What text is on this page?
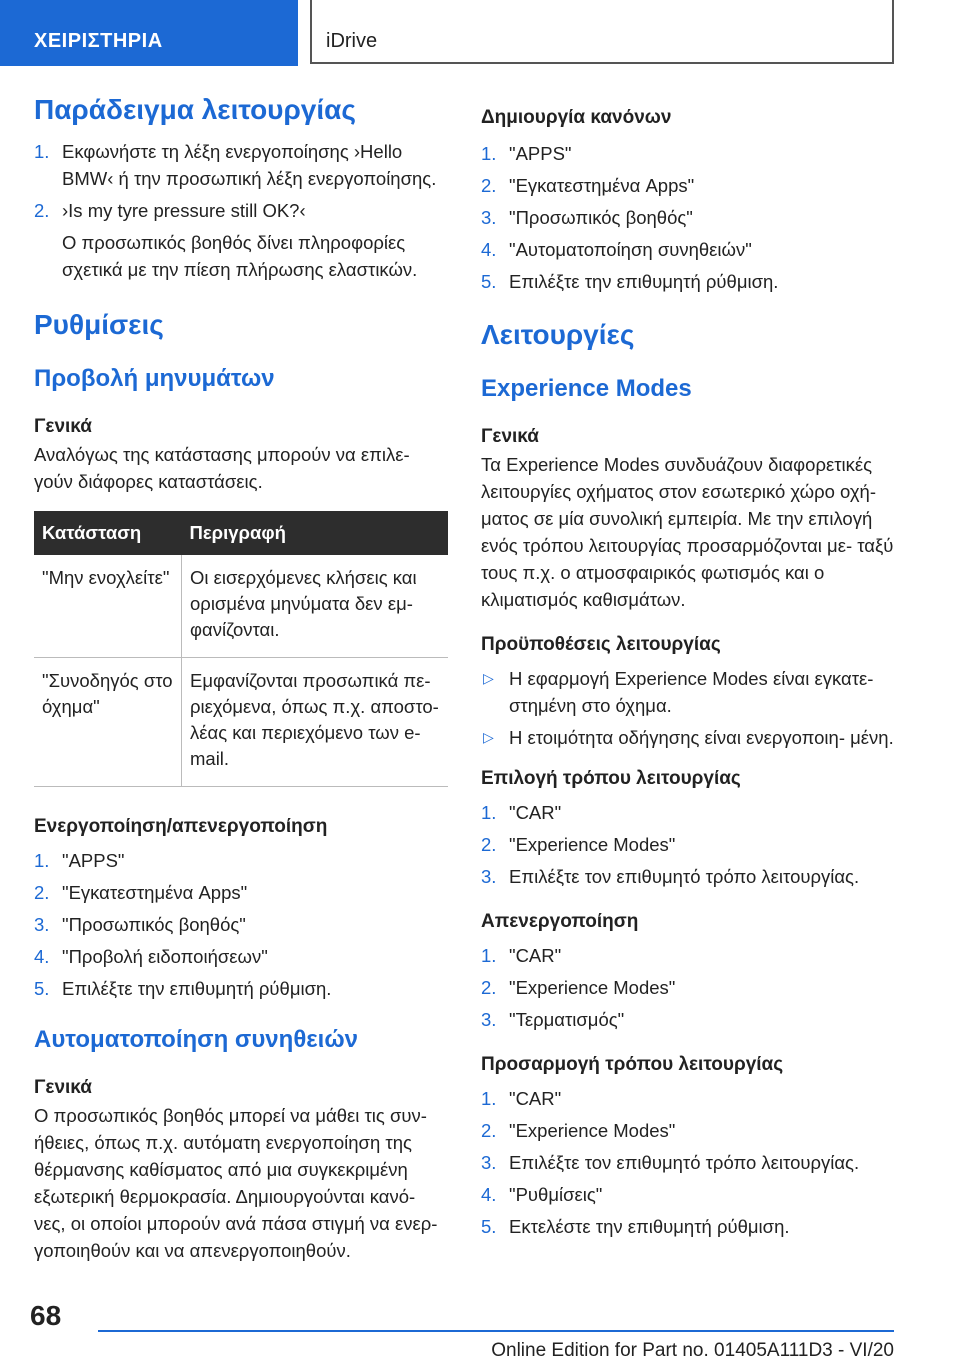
ΧΕΙΡΙΣΤΗΡΙΑ	iDrive
Παράδειγμα λειτουργίας
1. Εκφωνήστε τη λέξη ενεργοποίησης ›Hello BMW‹ ή την προσωπική λέξη ενεργοποίησης.
2. ›Is my tyre pressure still OK?‹
Ο προσωπικός βοηθός δίνει πληροφορίες σχετικά με την πίεση πλήρωσης ελαστικών.
Ρυθμίσεις
Προβολή μηνυμάτων
Γενικά

Αναλόγως της κατάστασης μπορούν να επιλε- γούν διάφορες καταστάσεις.

Κατάσταση	Περιγραφή
"Μην ενοχλείτε"	Οι εισερχόμενες κλήσεις και ορισμένα μηνύματα δεν εμ- φανίζονται.
"Συνοδηγός στο όχημα"	Εμφανίζονται προσωπικά πε- ριεχόμενα, όπως π.χ. αποστο- λέας και περιεχόμενο των e-mail.
Ενεργοποίηση/απενεργοποίηση
1. "APPS"
2. "Εγκατεστημένα Apps"
3. "Προσωπικός βοηθός"
4. "Προβολή ειδοποιήσεων"
5. Επιλέξτε την επιθυμητή ρύθμιση.
Αυτοματοποίηση συνηθειών
Γενικά

Ο προσωπικός βοηθός μπορεί να μάθει τις συν- ήθειες, όπως π.χ. αυτόματη ενεργοποίηση της θέρμανσης καθίσματος από μια συγκεκριμένη εξωτερική θερμοκρασία. Δημιουργούνται κανό- νες, οι οποίοι μπορούν ανά πάσα στιγμή να ενερ- γοποιηθούν και να απενεργοποιηθούν.

Δημιουργία κανόνων
1. "APPS"
2. "Εγκατεστημένα Apps"
3. "Προσωπικός βοηθός"
4. "Αυτοματοποίηση συνηθειών"
5. Επιλέξτε την επιθυμητή ρύθμιση.
Λειτουργίες
Experience Modes
Γενικά

Τα Experience Modes συνδυάζουν διαφορετικές λειτουργίες οχήματος στον εσωτερικό χώρο οχή- ματος σε μία συνολική εμπειρία. Με την επιλογή ενός τρόπου λειτουργίας προσαρμόζονται με- ταξύ τους π.χ. ο ατμοσφαιρικός φωτισμός και ο κλιματισμός καθισμάτων.

Προϋποθέσεις λειτουργίας
▷ Η εφαρμογή Experience Modes είναι εγκατε- στημένη στο όχημα.
▷ Η ετοιμότητα οδήγησης είναι ενεργοποιη- μένη.
Επιλογή τρόπου λειτουργίας
1. "CAR"
2. "Experience Modes"
3. Επιλέξτε τον επιθυμητό τρόπο λειτουργίας.
Απενεργοποίηση
1. "CAR"
2. "Experience Modes"
3. "Τερματισμός"
Προσαρμογή τρόπου λειτουργίας
1. "CAR"
2. "Experience Modes"
3. Επιλέξτε τον επιθυμητό τρόπο λειτουργίας.
4. "Ρυθμίσεις"
5. Εκτελέστε την επιθυμητή ρύθμιση.
68
Online Edition for Part no. 01405A111D3 - VI/20
